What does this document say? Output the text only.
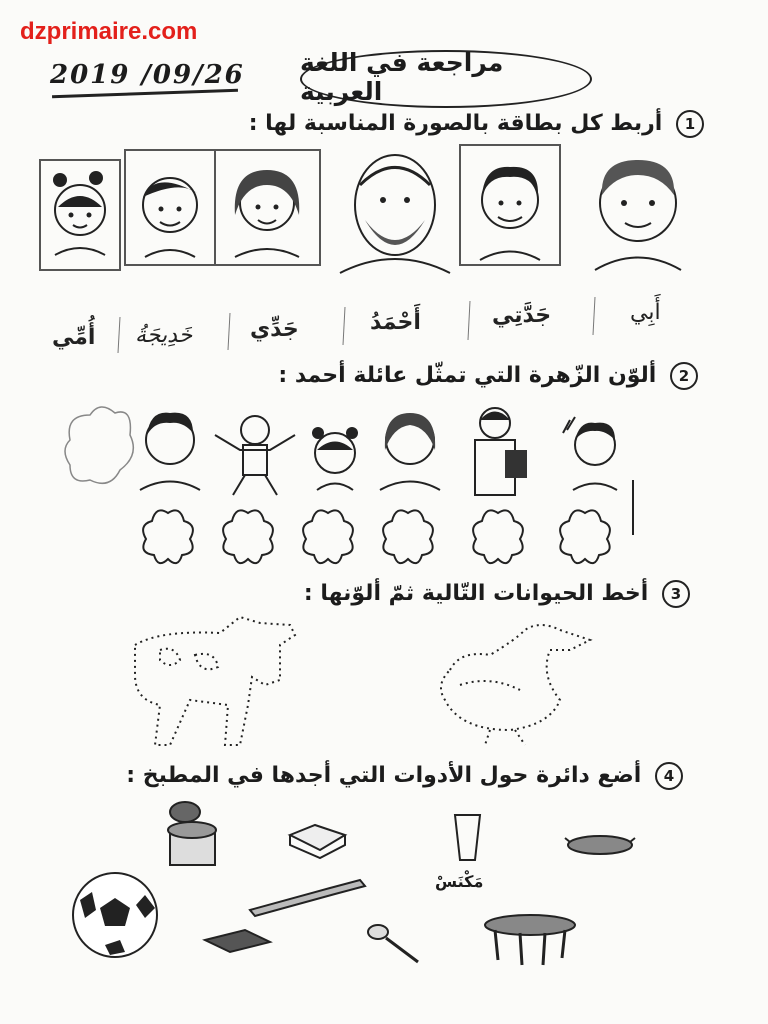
dzprimaire.com
2019 /09/26 مراجعة في اللغة العربية
1 أربط كل بطاقة بالصورة المناسبة لها :
أُمِّي خَدِيجَةُ	جَدِّي	أَحْمَدُ	جَدَّتِي	أَبِي
2 ألوّن الزّهرة التي تمثّل عائلة أحمد :
3 أخط الحيوانات التّالية ثمّ ألوّنها :
4 أضع دائرة حول الأدوات التي أجدها في المطبخ :
مَكْنَسْ
